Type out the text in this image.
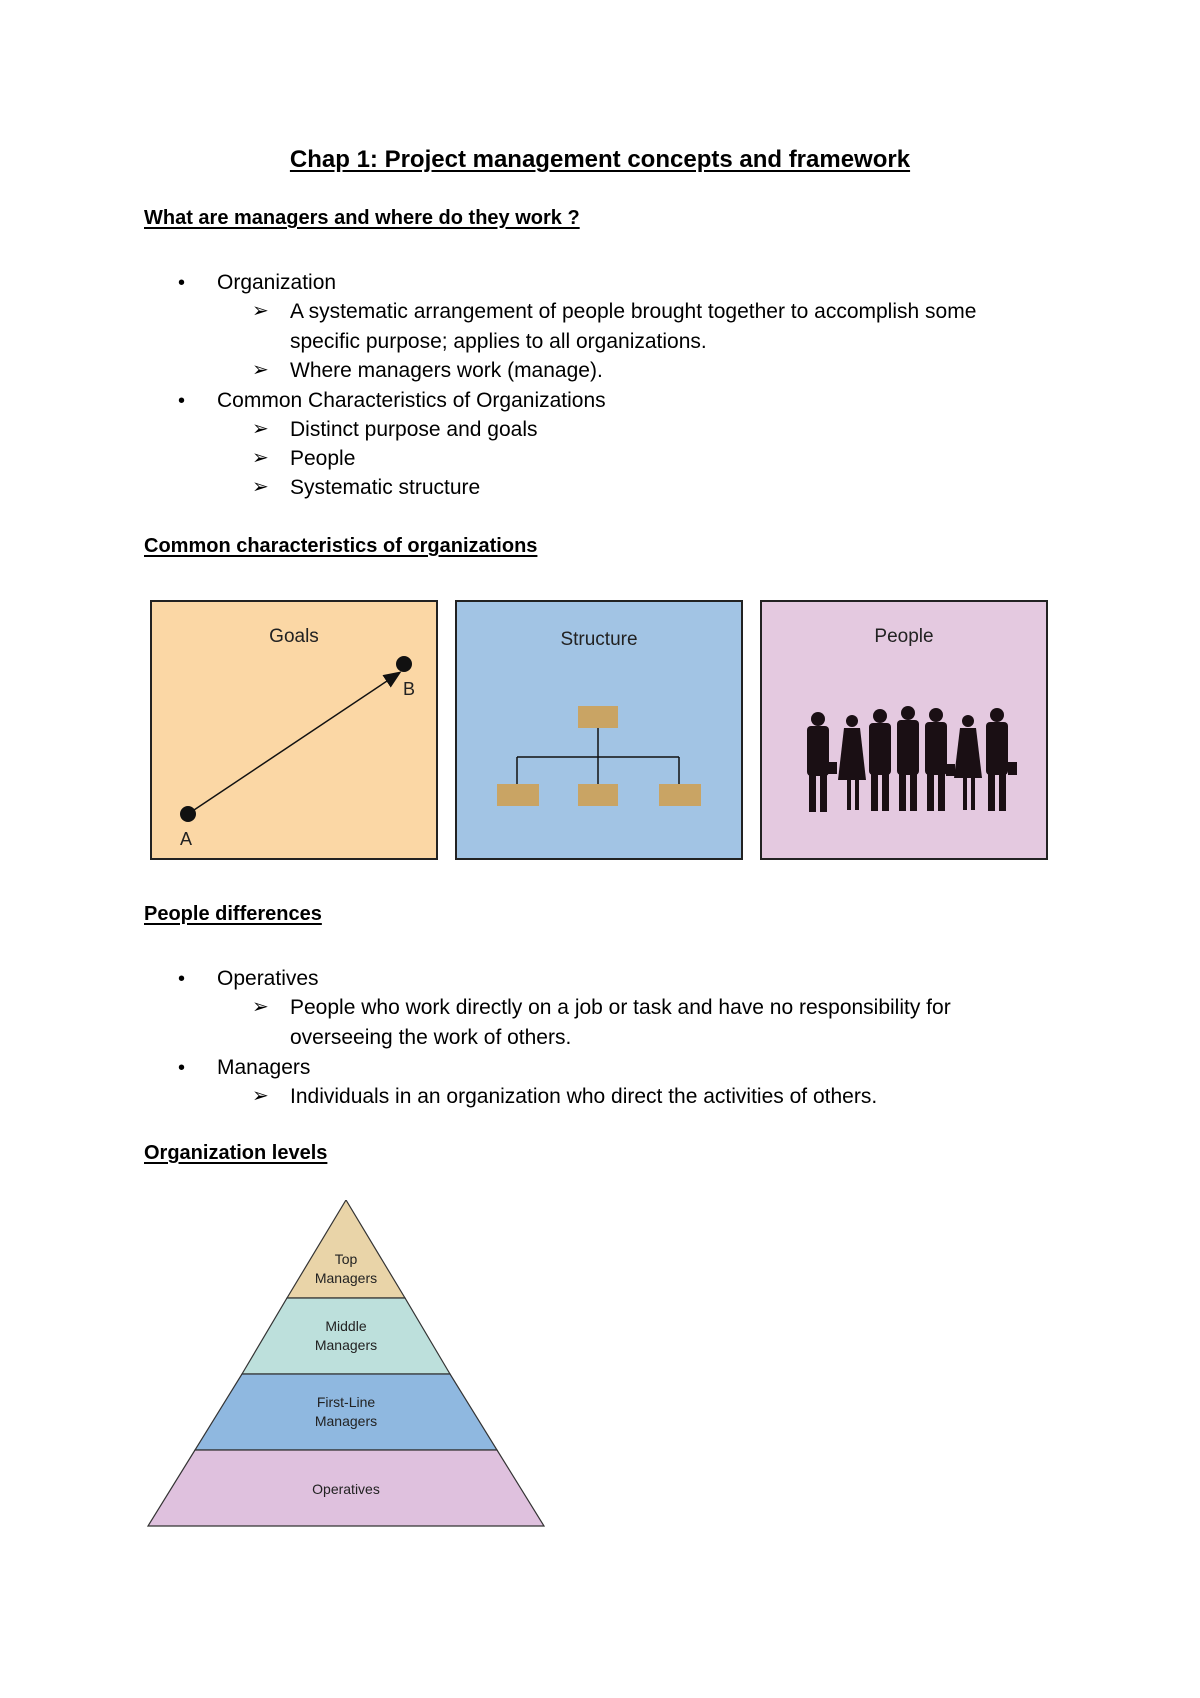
Chap 1: Project management concepts and framework
What are managers and where do they work ?
• Organization
➢ A systematic arrangement of people brought together to accomplish some
specific purpose; applies to all organizations.
➢ Where managers work (manage).
• Common Characteristics of Organizations
➢ Distinct purpose and goals
➢ People
➢ Systematic structure
Common characteristics of organizations
Goals
A
B
Structure	People
People differences
• Operatives
➢ People who work directly on a job or task and have no responsibility for
overseeing the work of others.
• Managers
➢ Individuals in an organization who direct the activities of others.
Organization levels
Top
Managers
Middle
Managers
First-Line
Managers
Operatives
